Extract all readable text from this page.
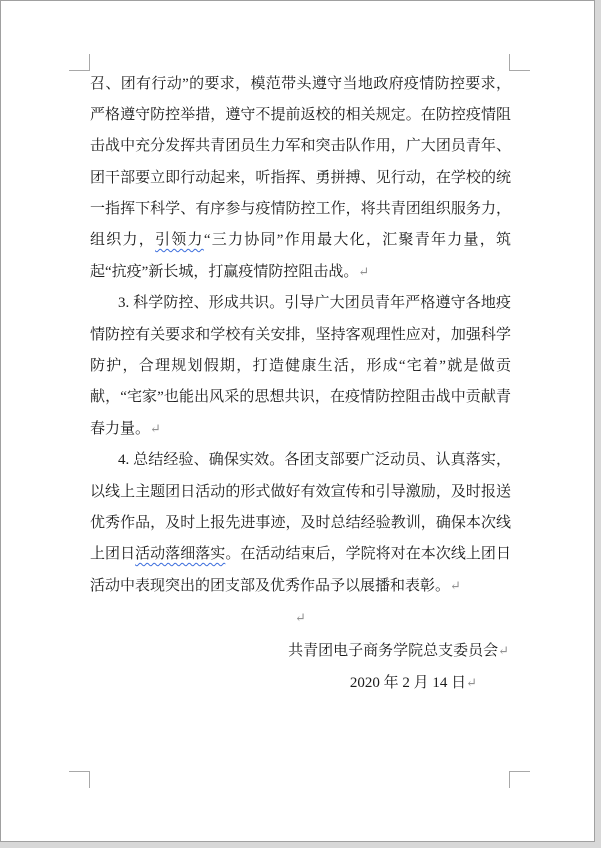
召、团有行动”的要求，模范带头遵守当地政府疫情防控要求，严格遵守防控举措，遵守不提前返校的相关规定。在防控疫情阻击战中充分发挥共青团员生力军和突击队作用，广大团员青年、团干部要立即行动起来，听指挥、勇拼搏、见行动，在学校的统一指挥下科学、有序参与疫情防控工作，将共青团组织服务力，组织力，引领力“三力协同”作用最大化，汇聚青年力量，筑起“抗疫”新长城，打赢疫情防控阻击战。↵
3. 科学防控、形成共识。引导广大团员青年严格遵守各地疫情防控有关要求和学校有关安排，坚持客观理性应对，加强科学防护，合理规划假期，打造健康生活，形成“宅着”就是做贡献，“宅家”也能出风采的思想共识，在疫情防控阻击战中贡献青春力量。↵
4. 总结经验、确保实效。各团支部要广泛动员、认真落实，以线上主题团日活动的形式做好有效宣传和引导激励，及时报送优秀作品，及时上报先进事迹，及时总结经验教训，确保本次线上团日活动落细落实。在活动结束后，学院将对在本次线上团日活动中表现突出的团支部及优秀作品予以展播和表彰。↵
↵
共青团电子商务学院总支委员会↵
2020 年 2 月 14 日↵
